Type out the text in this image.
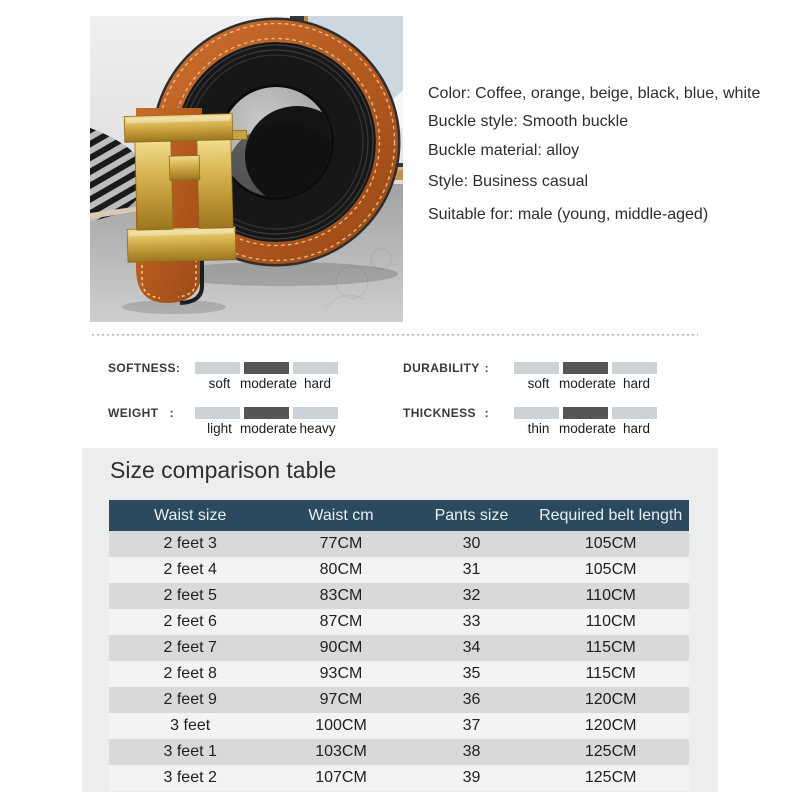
Color: Coffee, orange, beige, black, blue, white
Buckle style: Smooth buckle
Buckle material: alloy
Style: Business casual
Suitable for: male (young, middle-aged)
SOFTNESS :
soft moderate hard
WEIGHT :
light moderate heavy
DURABILITY :
soft moderate hard
THICKNESS :
thin moderate hard
Size comparison table
Waist size	Waist cm	Pants size	Required belt length
2 feet 3	77CM	30	105CM
2 feet 4	80CM	31	105CM
2 feet 5	83CM	32	110CM
2 feet 6	87CM	33	110CM
2 feet 7	90CM	34	115CM
2 feet 8	93CM	35	115CM
2 feet 9	97CM	36	120CM
3 feet	100CM	37	120CM
3 feet 1	103CM	38	125CM
3 feet 2	107CM	39	125CM
